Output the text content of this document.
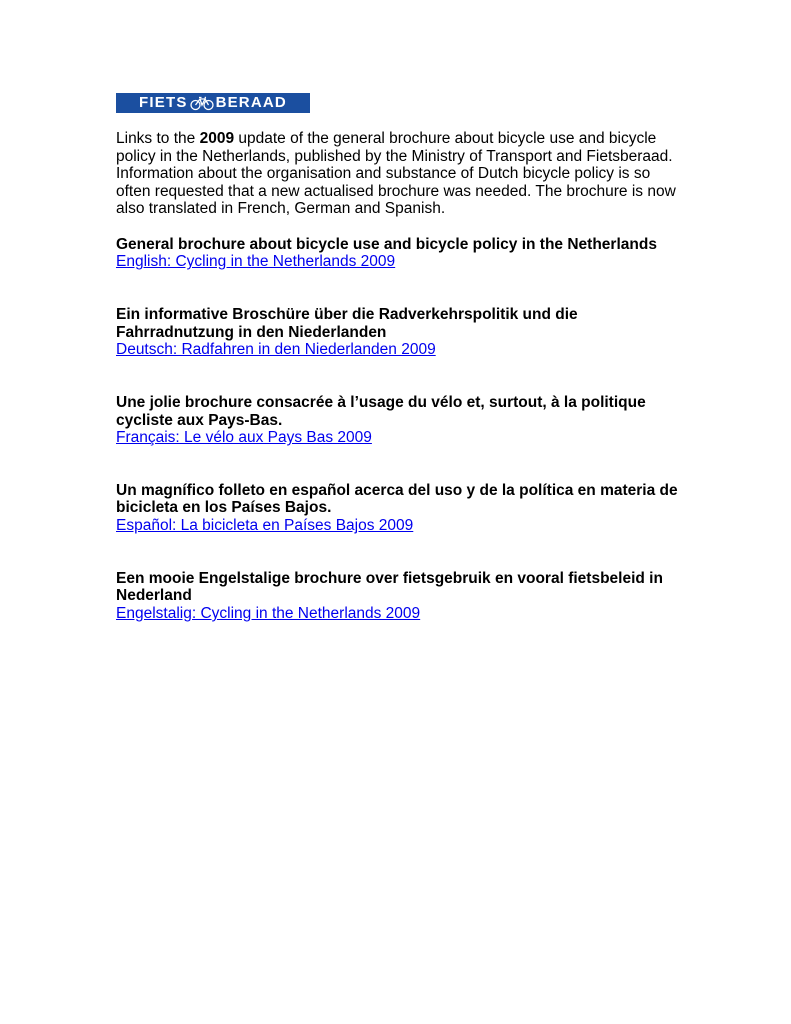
FIETS BERAAD

Links to the 2009 update of the general brochure about bicycle use and bicycle policy in the Netherlands, published by the Ministry of Transport and Fietsberaad. Information about the organisation and substance of Dutch bicycle policy is so often requested that a new actualised brochure was needed. The brochure is now also translated in French, German and Spanish.

General brochure about bicycle use and bicycle policy in the Netherlands
English: Cycling in the Netherlands 2009
Ein informative Broschüre über die Radverkehrspolitik und die Fahrradnutzung in den Niederlanden
Deutsch: Radfahren in den Niederlanden 2009
Une jolie brochure consacrée à l’usage du vélo et, surtout, à la politique cycliste aux Pays-Bas.
Français: Le vélo aux Pays Bas 2009
Un magnífico folleto en español acerca del uso y de la política en materia de bicicleta en los Países Bajos.
Español: La bicicleta en Países Bajos 2009
Een mooie Engelstalige brochure over fietsgebruik en vooral fietsbeleid in Nederland
Engelstalig: Cycling in the Netherlands 2009
